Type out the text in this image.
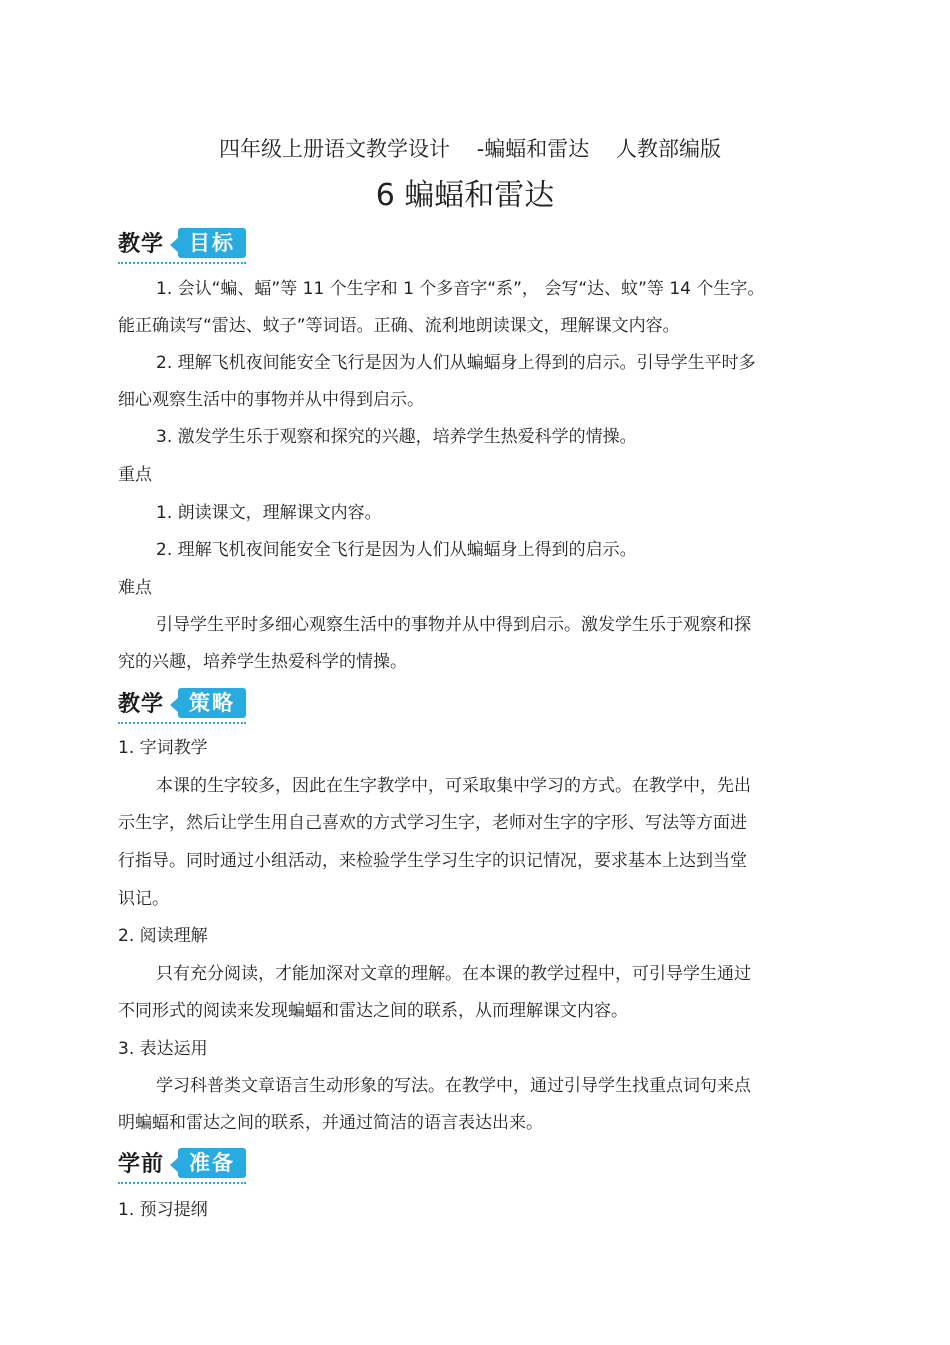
四年级上册语文教学设计    -蝙蝠和雷达    人教部编版
6 蝙蝠和雷达
教学	目标
1. 会认“蝙、蝠”等 11 个生字和 1 个多音字“系”， 会写“达、蚊”等 14 个生字。
能正确读写“雷达、蚊子”等词语。正确、流利地朗读课文，理解课文内容。
2. 理解飞机夜间能安全飞行是因为人们从蝙蝠身上得到的启示。引导学生平时多
细心观察生活中的事物并从中得到启示。
3. 激发学生乐于观察和探究的兴趣，培养学生热爱科学的情操。
重点
1. 朗读课文，理解课文内容。
2. 理解飞机夜间能安全飞行是因为人们从蝙蝠身上得到的启示。
难点
引导学生平时多细心观察生活中的事物并从中得到启示。激发学生乐于观察和探
究的兴趣，培养学生热爱科学的情操。
教学	策略
1. 字词教学
本课的生字较多，因此在生字教学中，可采取集中学习的方式。在教学中，先出
示生字，然后让学生用自己喜欢的方式学习生字，老师对生字的字形、写法等方面进
行指导。同时通过小组活动，来检验学生学习生字的识记情况，要求基本上达到当堂
识记。
2. 阅读理解
只有充分阅读，才能加深对文章的理解。在本课的教学过程中，可引导学生通过
不同形式的阅读来发现蝙蝠和雷达之间的联系，从而理解课文内容。
3. 表达运用
学习科普类文章语言生动形象的写法。在教学中，通过引导学生找重点词句来点
明蝙蝠和雷达之间的联系，并通过简洁的语言表达出来。
学前	准备
1. 预习提纲
